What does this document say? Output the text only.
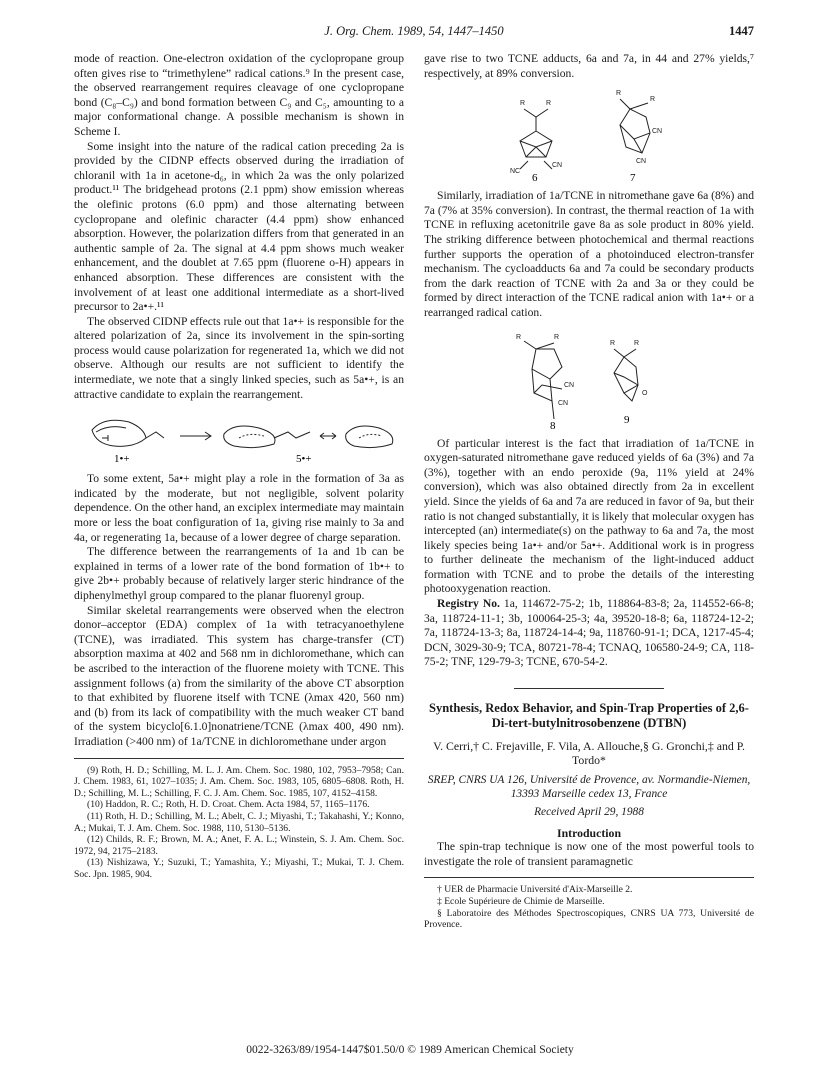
J. Org. Chem. 1989, 54, 1447–1450	1447

mode of reaction. One-electron oxidation of the cyclopropane group often gives rise to “trimethylene” radical cations.⁹ In the present case, the observed rearrangement requires cleavage of one cyclopropane bond (C₈–C₉) and bond formation between C₉ and C₅, amounting to a major conformational change. A possible mechanism is shown in Scheme I.

Some insight into the nature of the radical cation preceding 2a is provided by the CIDNP effects observed during the irradiation of chloranil with 1a in acetone-d₆, in which 2a was the only polarized product.¹¹ The bridgehead protons (2.1 ppm) show emission whereas the olefinic protons (6.0 ppm) and those alternating between cyclopropane and olefinic character (4.4 ppm) show enhanced absorption. However, the polarization differs from that generated in an authentic sample of 2a. The signal at 4.4 ppm shows much weaker enhancement, and the doublet at 7.65 ppm (fluorene o-H) appears in enhanced absorption. These differences are consistent with the involvement of at least one additional intermediate as a short-lived precursor to 2a•+.¹¹

The observed CIDNP effects rule out that 1a•+ is responsible for the altered polarization of 2a, since its involvement in the spin-sorting process would cause polarization for regenerated 1a, which we did not observe. Although our results are not sufficient to identify the intermediate, we note that a singly linked species, such as 5a•+, is an attractive candidate to explain the rearrangement.

1•+	5•+

To some extent, 5a•+ might play a role in the formation of 3a as indicated by the moderate, but not negligible, solvent polarity dependence. On the other hand, an exciplex intermediate may maintain more or less the boat configuration of 1a, giving rise mainly to 3a and 4a, or regenerating 1a, because of a lower degree of charge separation.

The difference between the rearrangements of 1a and 1b can be explained in terms of a lower rate of the bond formation of 1b•+ to give 2b•+ probably because of relatively larger steric hindrance of the diphenylmethyl group compared to the planar fluorenyl group.

Similar skeletal rearrangements were observed when the electron donor–acceptor (EDA) complex of 1a with tetracyanoethylene (TCNE), was irradiated. This system has charge-transfer (CT) absorption maxima at 402 and 568 nm in dichloromethane, which can be ascribed to the interaction of the fluorene moiety with TCNE. This assignment follows (a) from the similarity of the above CT absorption to that exhibited by fluorene itself with TCNE (λmax 420, 560 nm) and (b) from its lack of compatibility with the much weaker CT band of the system bicyclo[6.1.0]nonatriene/TCNE (λmax 400, 490 nm). Irradiation (>400 nm) of 1a/TCNE in dichloromethane under argon

(9) Roth, H. D.; Schilling, M. L. J. Am. Chem. Soc. 1980, 102, 7953–7958; Can. J. Chem. 1983, 61, 1027–1035; J. Am. Chem. Soc. 1983, 105, 6805–6808. Roth, H. D.; Schilling, M. L.; Schilling, F. C. J. Am. Chem. Soc. 1985, 107, 4152–4158.

(10) Haddon, R. C.; Roth, H. D. Croat. Chem. Acta 1984, 57, 1165–1176.

(11) Roth, H. D.; Schilling, M. L.; Abelt, C. J.; Miyashi, T.; Takahashi, Y.; Konno, A.; Mukai, T. J. Am. Chem. Soc. 1988, 110, 5130–5136.

(12) Childs, R. F.; Brown, M. A.; Anet, F. A. L.; Winstein, S. J. Am. Chem. Soc. 1972, 94, 2175–2183.

(13) Nishizawa, Y.; Suzuki, T.; Yamashita, Y.; Miyashi, T.; Mukai, T. J. Chem. Soc. Jpn. 1985, 904.

gave rise to two TCNE adducts, 6a and 7a, in 44 and 27% yields,⁷ respectively, at 89% conversion.

R	R
CN
NC
R
R
CN
CN
6	7

Similarly, irradiation of 1a/TCNE in nitromethane gave 6a (8%) and 7a (7% at 35% conversion). In contrast, the thermal reaction of 1a with TCNE in refluxing acetonitrile gave 8a as sole product in 80% yield. The striking difference between photochemical and thermal reactions further supports the operation of a photoinduced electron-transfer mechanism. The cycloadducts 6a and 7a could be secondary products from the dark reaction of TCNE with 2a and 3a or they could be formed by direct interaction of the TCNE radical anion with 1a•+ or a rearranged radical cation.

R	R
CN
CN
R	R
O
8	9

Of particular interest is the fact that irradiation of 1a/TCNE in oxygen-saturated nitromethane gave reduced yields of 6a (3%) and 7a (3%), together with an endo peroxide (9a, 11% yield at 24% conversion), which was also obtained directly from 2a in excellent yield. Since the yields of 6a and 7a are reduced in favor of 9a, but their ratio is not changed substantially, it is likely that molecular oxygen has intercepted (an) intermediate(s) on the pathway to 6a and 7a, the most likely species being 1a•+ and/or 5a•+. Additional work is in progress to further delineate the mechanism of the light-induced adduct formation with TCNE and to probe the details of the interesting photooxygenation reaction.

Registry No. 1a, 114672-75-2; 1b, 118864-83-8; 2a, 114552-66-8; 3a, 118724-11-1; 3b, 100064-25-3; 4a, 39520-18-8; 6a, 118724-12-2; 7a, 118724-13-3; 8a, 118724-14-4; 9a, 118760-91-1; DCA, 1217-45-4; DCN, 3029-30-9; TCA, 80721-78-4; TCNAQ, 106580-24-9; CA, 118-75-2; TNF, 129-79-3; TCNE, 670-54-2.

Synthesis, Redox Behavior, and Spin-Trap Properties of 2,6-Di-tert-butylnitrosobenzene (DTBN)
V. Cerri,† C. Frejaville, F. Vila, A. Allouche,§ G. Gronchi,‡ and P. Tordo*
SREP, CNRS UA 126, Université de Provence, av. Normandie-Niemen, 13393 Marseille cedex 13, France
Received April 29, 1988
Introduction

The spin-trap technique is now one of the most powerful tools to investigate the role of transient paramagnetic

† UER de Pharmacie Université d'Aix-Marseille 2.

‡ Ecole Supérieure de Chimie de Marseille.

§ Laboratoire des Méthodes Spectroscopiques, CNRS UA 773, Université de Provence.

0022-3263/89/1954-1447$01.50/0 © 1989 American Chemical Society
